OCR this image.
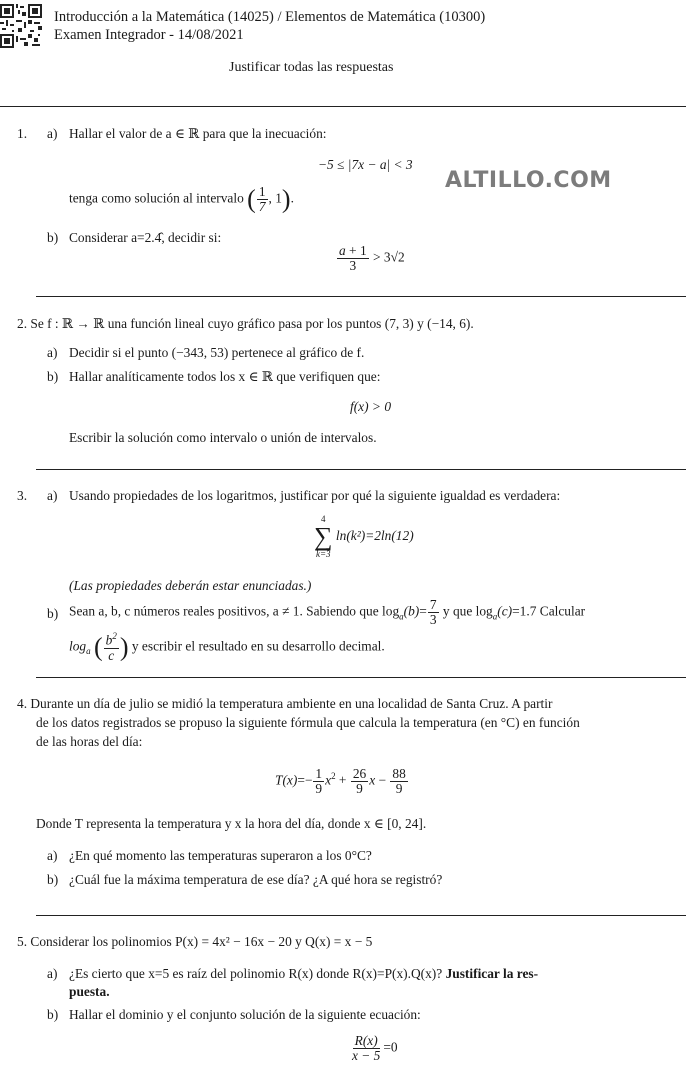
Introducción a la Matemática (14025) / Elementos de Matemática (10300)
Examen Integrador - 14/08/2021
Justificar todas las respuestas
1. a) Hallar el valor de a ∈ ℝ para que la inecuación:
−5 ≤ |7x − a| < 3
ALTILLO.COM
tenga como solución al intervalo ( $\frac{1}{7}$ , 1).
b) Considerar a=2.4̂, decidir si:
$\frac{a + 1}{3} > 3√2$
2. Se f : ℝ → ℝ una función lineal cuyo gráfico pasa por los puntos (7, 3) y (−14, 6).
a) Decidir si el punto (−343, 53) pertenece al gráfico de f.
b) Hallar analíticamente todos los x ∈ ℝ que verifiquen que:
f(x) > 0
Escribir la solución como intervalo o unión de intervalos.
3. a) Usando propiedades de los logaritmos, justificar por qué la siguiente igualdad es verdadera:
4
∑
k=3
ln(k²)=2ln(12)
(Las propiedades deberán estar enunciadas.)
b) Sean a, b, c números reales positivos, a ≠ 1. Sabiendo que $\log_a(b)= \frac{7}{3}$ y que $\log_a(c)=1.7$ Calcular
$\log_a$ ( $\frac{b^2}{c}$ ) y escribir el resultado en su desarrollo decimal.
4. Durante un día de julio se midió la temperatura ambiente en una localidad de Santa Cruz. A partir
de los datos registrados se propuso la siguiente fórmula que calcula la temperatura (en °C) en función
de las horas del día:
$T(x)=- \frac{1}{9} x^2 + \frac{26}{9}$ $x - \frac{88}{9}$
Donde T representa la temperatura y x la hora del día, donde x ∈ [0, 24].
a) ¿En qué momento las temperaturas superaron a los 0°C?
b) ¿Cuál fue la máxima temperatura de ese día? ¿A qué hora se registró?
5. Considerar los polinomios P(x) = 4x² − 16x − 20 y Q(x) = x − 5
a) ¿Es cierto que x=5 es raíz del polinomio R(x) donde R(x)=P(x).Q(x)? Justificar la res-
puesta.
b) Hallar el dominio y el conjunto solución de la siguiente ecuación:
$\frac{R(x)}{x - 5} =0$
